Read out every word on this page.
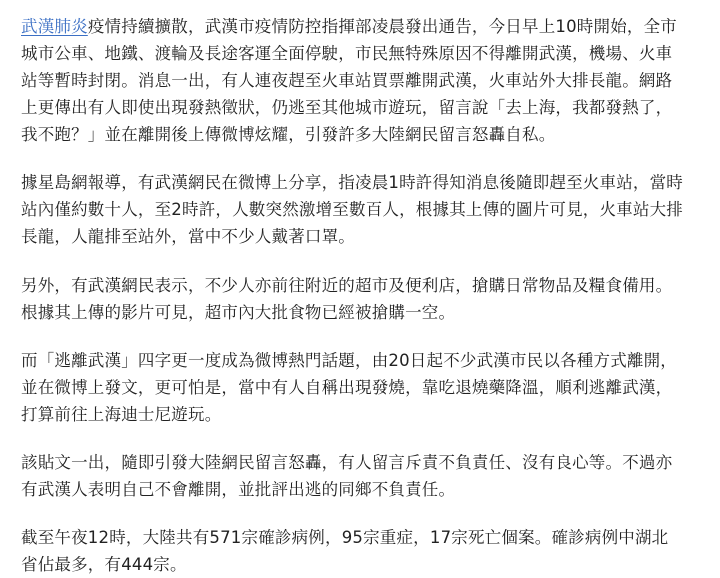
武漢肺炎疫情持續擴散，武漢市疫情防控指揮部凌晨發出通告，今日早上10時開始，全市
城市公車、地鐵、渡輪及長途客運全面停駛，市民無特殊原因不得離開武漢，機場、火車
站等暫時封閉。消息一出，有人連夜趕至火車站買票離開武漢，火車站外大排長龍。網路
上更傳出有人即使出現發熱徵狀，仍逃至其他城市遊玩，留言說「去上海，我都發熱了，
我不跑？」並在離開後上傳微博炫耀，引發許多大陸網民留言怒轟自私。

據星島網報導，有武漢網民在微博上分享，指凌晨1時許得知消息後隨即趕至火車站，當時
站內僅約數十人，至2時許，人數突然激增至數百人，根據其上傳的圖片可見，火車站大排
長龍，人龍排至站外，當中不少人戴著口罩。

另外，有武漢網民表示，不少人亦前往附近的超市及便利店，搶購日常物品及糧食備用。
根據其上傳的影片可見，超市內大批食物已經被搶購一空。

而「逃離武漢」四字更一度成為微博熱門話題，由20日起不少武漢市民以各種方式離開，
並在微博上發文，更可怕是，當中有人自稱出現發燒，靠吃退燒藥降溫，順利逃離武漢，
打算前往上海迪士尼遊玩。

該貼文一出，隨即引發大陸網民留言怒轟，有人留言斥責不負責任、沒有良心等。不過亦
有武漢人表明自己不會離開，並批評出逃的同鄉不負責任。

截至午夜12時，大陸共有571宗確診病例，95宗重症，17宗死亡個案。確診病例中湖北
省佔最多，有444宗。
